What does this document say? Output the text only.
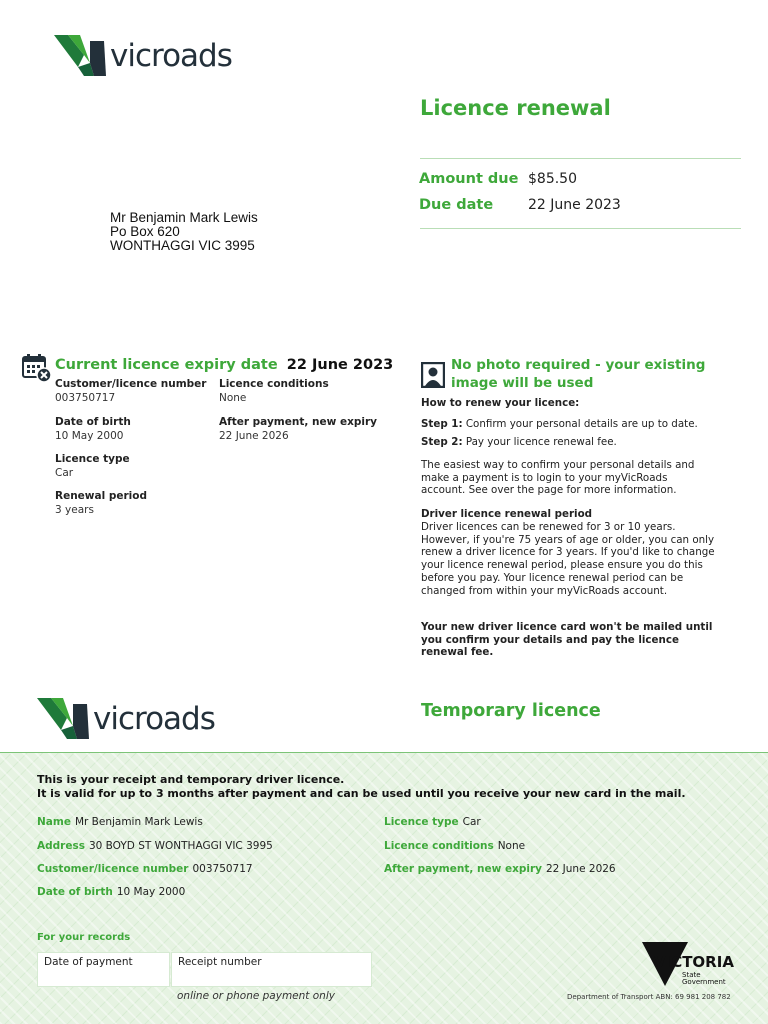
vicroads
Licence renewal
Amount due $85.50
Due date	22 June 2023
Mr Benjamin Mark Lewis
Po Box 620
WONTHAGGI VIC 3995
Current licence expiry date 22 June 2023
Customer/licence number
003750717
Licence conditions
None
Date of birth
10 May 2000
After payment, new expiry
22 June 2026
Licence type
Car
Renewal period
3 years
No photo required - your existing image will be used
How to renew your licence:
Step 1: Confirm your personal details are up to date.
Step 2: Pay your licence renewal fee.
The easiest way to confirm your personal details and make a payment is to login to your myVicRoads account. See over the page for more information.
Driver licence renewal period
Driver licences can be renewed for 3 or 10 years. However, if you're 75 years of age or older, you can only renew a driver licence for 3 years. If you'd like to change your licence renewal period, please ensure you do this before you pay. Your licence renewal period can be changed from within your myVicRoads account.
Your new driver licence card won't be mailed until you confirm your details and pay the licence renewal fee.
vicroads	Temporary licence
This is your receipt and temporary driver licence.
It is valid for up to 3 months after payment and can be used until you receive your new card in the mail.
Name Mr Benjamin Mark Lewis
Address 30 BOYD ST WONTHAGGI VIC 3995
Customer/licence number 003750717
Date of birth 10 May 2000
Licence type Car
Licence conditions None
After payment, new expiry 22 June 2026
For your records
Date of payment	Receipt number
online or phone payment only
VICTORIA
State
Government
Department of Transport ABN: 69 981 208 782
